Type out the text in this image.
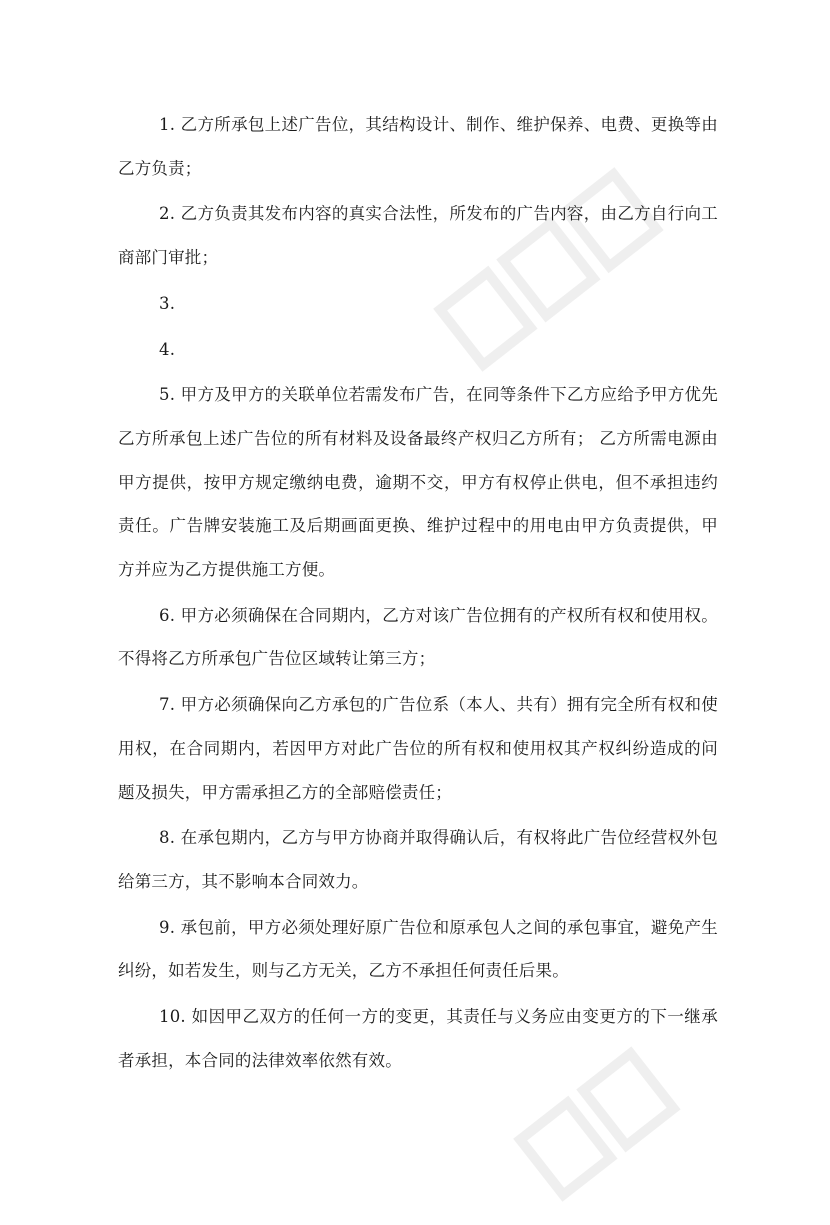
1. 乙方所承包上述广告位，其结构设计、制作、维护保养、电费、更换等由乙方负责；

2. 乙方负责其发布内容的真实合法性，所发布的广告内容，由乙方自行向工商部门审批；

3.

4.

5. 甲方及甲方的关联单位若需发布广告，在同等条件下乙方应给予甲方优先乙方所承包上述广告位的所有材料及设备最终产权归乙方所有； 乙方所需电源由甲方提供，按甲方规定缴纳电费，逾期不交，甲方有权停止供电，但不承担违约责任。广告牌安装施工及后期画面更换、维护过程中的用电由甲方负责提供，甲方并应为乙方提供施工方便。

6. 甲方必须确保在合同期内，乙方对该广告位拥有的产权所有权和使用权。不得将乙方所承包广告位区域转让第三方；

7. 甲方必须确保向乙方承包的广告位系（本人、共有）拥有完全所有权和使用权，在合同期内，若因甲方对此广告位的所有权和使用权其产权纠纷造成的问题及损失，甲方需承担乙方的全部赔偿责任；

8. 在承包期内，乙方与甲方协商并取得确认后，有权将此广告位经营权外包给第三方，其不影响本合同效力。

9. 承包前，甲方必须处理好原广告位和原承包人之间的承包事宜，避免产生纠纷，如若发生，则与乙方无关，乙方不承担任何责任后果。

10. 如因甲乙双方的任何一方的变更，其责任与义务应由变更方的下一继承者承担，本合同的法律效率依然有效。
